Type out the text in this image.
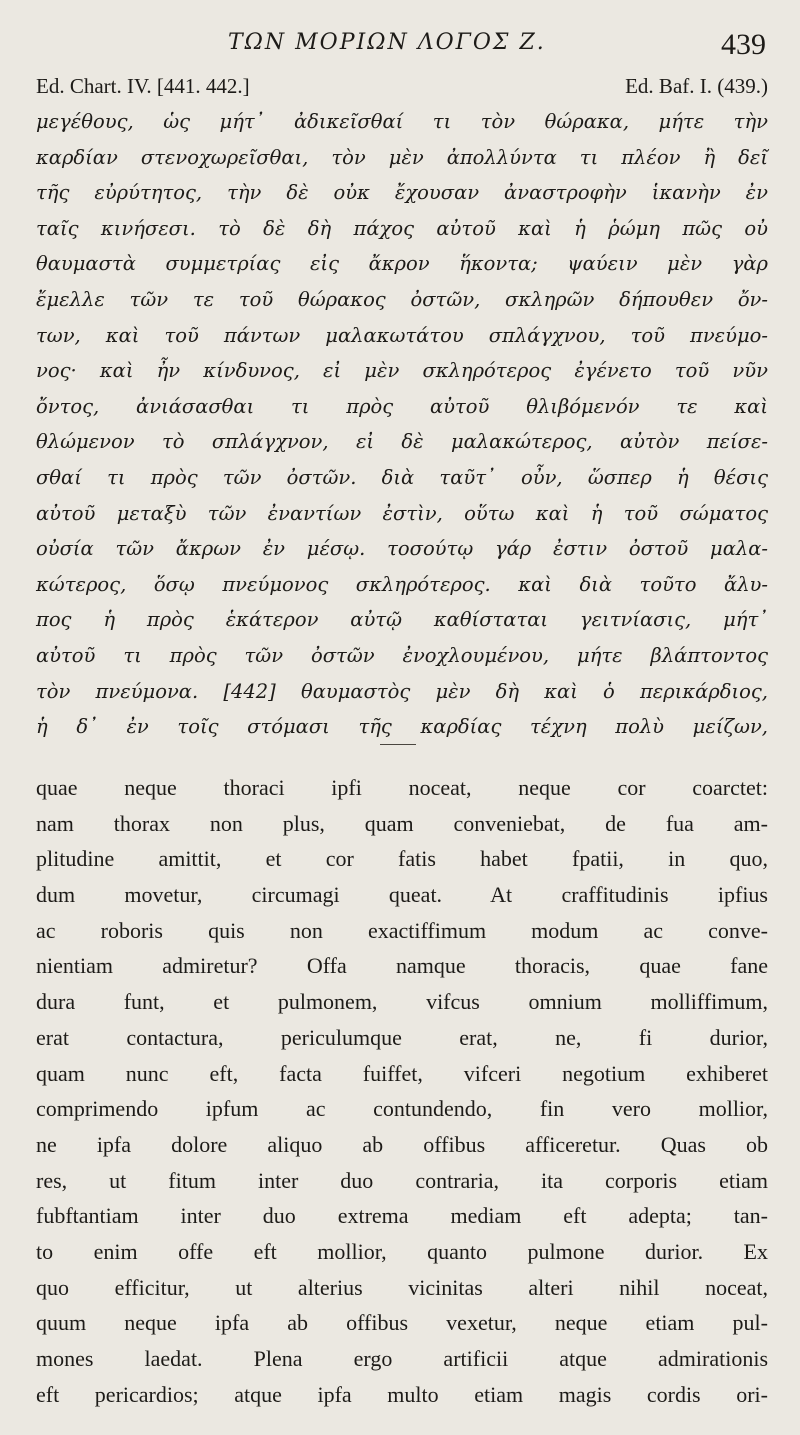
ΤΩΝ ΜΟΡΙΩΝ ΛΟΓΟΣ Ζ.	439
Ed. Chart. IV. [441. 442.]	Ed. Baf. I. (439.)
μεγέθους, ὡς μήτ᾽ ἀδικεῖσθαί τι τὸν θώρακα, μήτε τὴν
καρδίαν στενοχωρεῖσθαι, τὸν μὲν ἀπολλύντα τι πλέον ἢ δεῖ
τῆς εὐρύτητος, τὴν δὲ οὐκ ἔχουσαν ἀναστροφὴν ἱκανὴν ἐν
ταῖς κινήσεσι. τὸ δὲ δὴ πάχος αὐτοῦ καὶ ἡ ῥώμη πῶς οὐ
θαυμαστὰ συμμετρίας εἰς ἄκρον ἥκοντα; ψαύειν μὲν γὰρ
ἔμελλε τῶν τε τοῦ θώρακος ὀστῶν, σκληρῶν δήπουθεν ὄν-
των, καὶ τοῦ πάντων μαλακωτάτου σπλάγχνου, τοῦ πνεύμο-
νος· καὶ ἦν κίνδυνος, εἰ μὲν σκληρότερος ἐγένετο τοῦ νῦν
ὄντος, ἀνιάσασθαι τι πρὸς αὐτοῦ θλιβόμενόν τε καὶ
θλώμενον τὸ σπλάγχνον, εἰ δὲ μαλακώτερος, αὐτὸν πείσε-
σθαί τι πρὸς τῶν ὀστῶν. διὰ ταῦτ᾽ οὖν, ὥσπερ ἡ θέσις
αὐτοῦ μεταξὺ τῶν ἐναντίων ἐστὶν, οὕτω καὶ ἡ τοῦ σώματος
οὐσία τῶν ἄκρων ἐν μέσῳ. τοσούτῳ γάρ ἐστιν ὀστοῦ μαλα-
κώτερος, ὅσῳ πνεύμονος σκληρότερος. καὶ διὰ τοῦτο ἄλυ-
πος ἡ πρὸς ἑκάτερον αὐτῷ καθίσταται γειτνίασις, μήτ᾽
αὐτοῦ τι πρὸς τῶν ὀστῶν ἐνοχλουμένου, μήτε βλάπτοντος
τὸν πνεύμονα. [442] θαυμαστὸς μὲν δὴ καὶ ὁ περικάρδιος,
ἡ δ᾽ ἐν τοῖς στόμασι τῆς καρδίας τέχνη πολὺ μείζων,
quae neque thoraci ipfi noceat, neque cor coarctet:
nam thorax non plus, quam conveniebat, de fua am-
plitudine amittit, et cor fatis habet fpatii, in quo,
dum movetur, circumagi queat. At craffitudinis ipfius
ac roboris quis non exactiffimum modum ac conve-
nientiam admiretur? Offa namque thoracis, quae fane
dura funt, et pulmonem, vifcus omnium molliffimum,
erat contactura, periculumque erat, ne, fi durior,
quam nunc eft, facta fuiffet, vifceri negotium exhiberet
comprimendo ipfum ac contundendo, fin vero mollior,
ne ipfa dolore aliquo ab offibus afficeretur. Quas ob
res, ut fitum inter duo contraria, ita corporis etiam
fubftantiam inter duo extrema mediam eft adepta; tan-
to enim offe eft mollior, quanto pulmone durior. Ex
quo efficitur, ut alterius vicinitas alteri nihil noceat,
quum neque ipfa ab offibus vexetur, neque etiam pul-
mones laedat. Plena ergo artificii atque admirationis
eft pericardios; atque ipfa multo etiam magis cordis ori-
